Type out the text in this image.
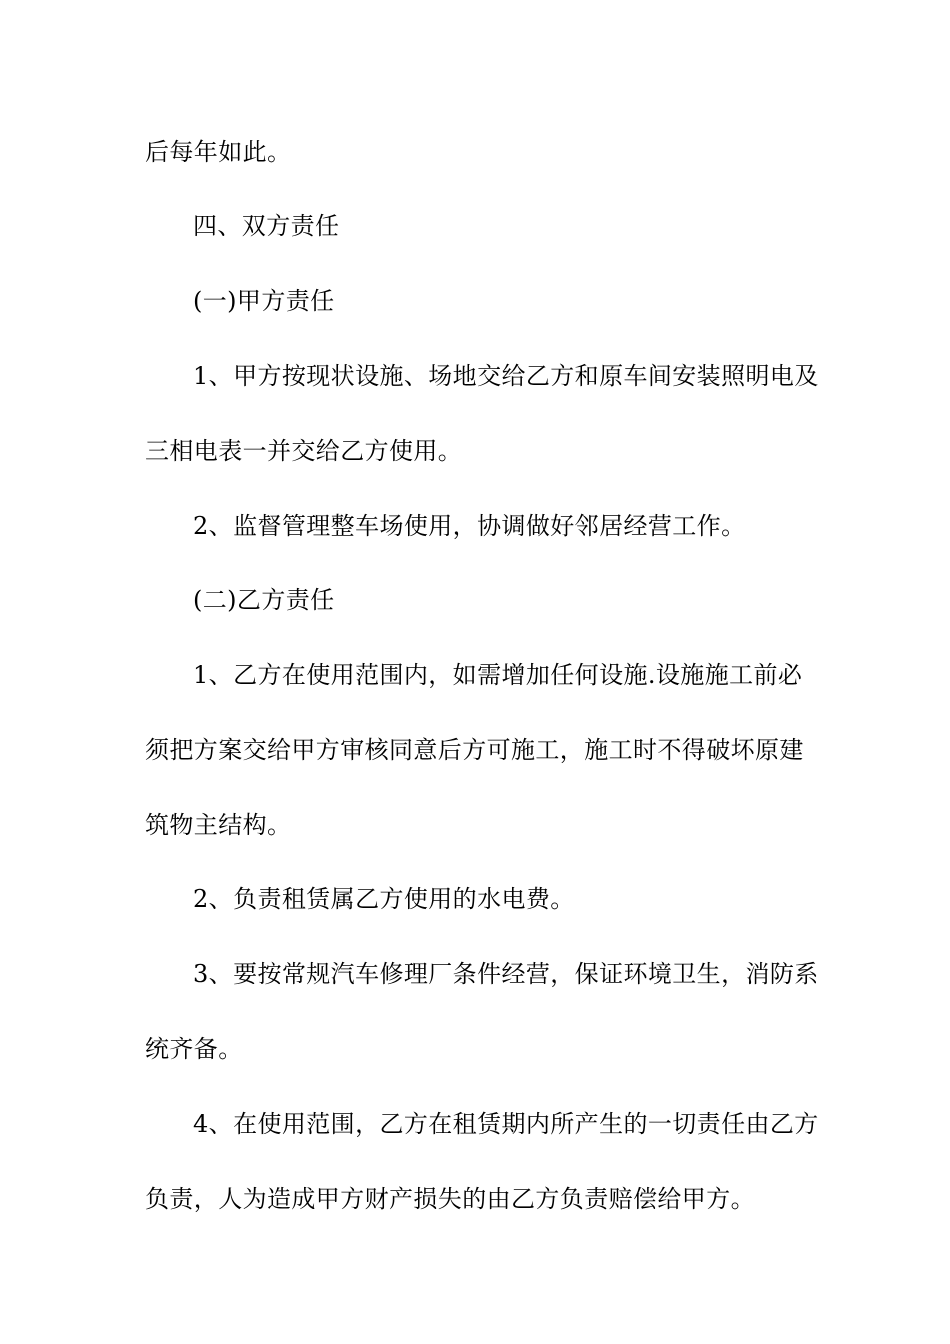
后每年如此。
四、双方责任
(一)甲方责任
1、甲方按现状设施、场地交给乙方和原车间安装照明电及
三相电表一并交给乙方使用。
2、监督管理整车场使用，协调做好邻居经营工作。
(二)乙方责任
1、乙方在使用范围内，如需增加任何设施.设施施工前必
须把方案交给甲方审核同意后方可施工，施工时不得破坏原建
筑物主结构。
2、负责租赁属乙方使用的水电费。
3、要按常规汽车修理厂条件经营，保证环境卫生，消防系
统齐备。
4、在使用范围，乙方在租赁期内所产生的一切责任由乙方
负责，人为造成甲方财产损失的由乙方负责赔偿给甲方。
